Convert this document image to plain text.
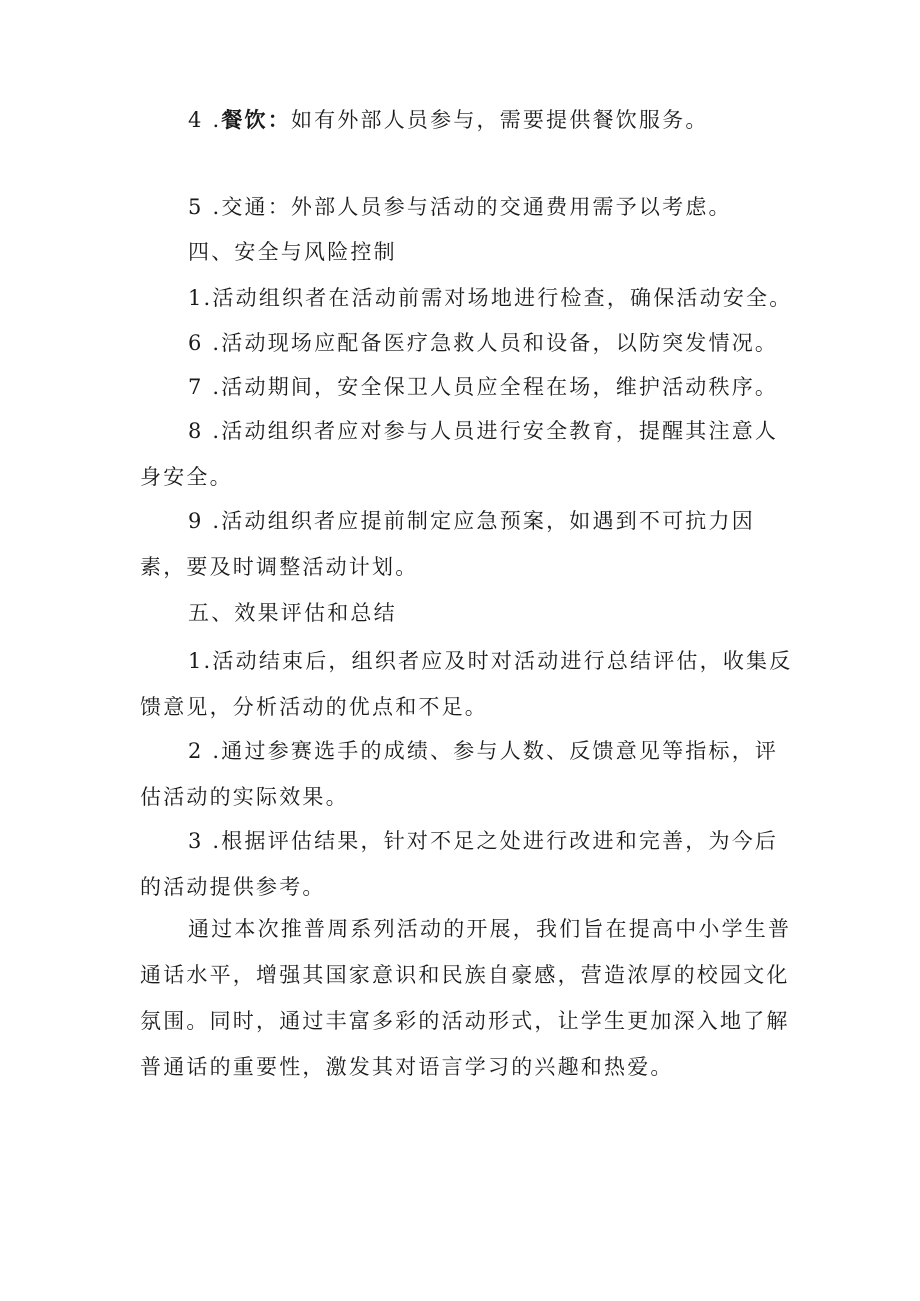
4 .餐饮：如有外部人员参与，需要提供餐饮服务。

5 .交通：外部人员参与活动的交通费用需予以考虑。

四、安全与风险控制

1.活动组织者在活动前需对场地进行检查，确保活动安全。

6 .活动现场应配备医疗急救人员和设备，以防突发情况。

7 .活动期间，安全保卫人员应全程在场，维护活动秩序。

8 .活动组织者应对参与人员进行安全教育，提醒其注意人身安全。

9 .活动组织者应提前制定应急预案，如遇到不可抗力因素，要及时调整活动计划。

五、效果评估和总结

1.活动结束后，组织者应及时对活动进行总结评估，收集反馈意见，分析活动的优点和不足。

2 .通过参赛选手的成绩、参与人数、反馈意见等指标，评估活动的实际效果。

3 .根据评估结果，针对不足之处进行改进和完善，为今后的活动提供参考。

通过本次推普周系列活动的开展，我们旨在提高中小学生普通话水平，增强其国家意识和民族自豪感，营造浓厚的校园文化氛围。同时，通过丰富多彩的活动形式，让学生更加深入地了解普通话的重要性，激发其对语言学习的兴趣和热爱。
